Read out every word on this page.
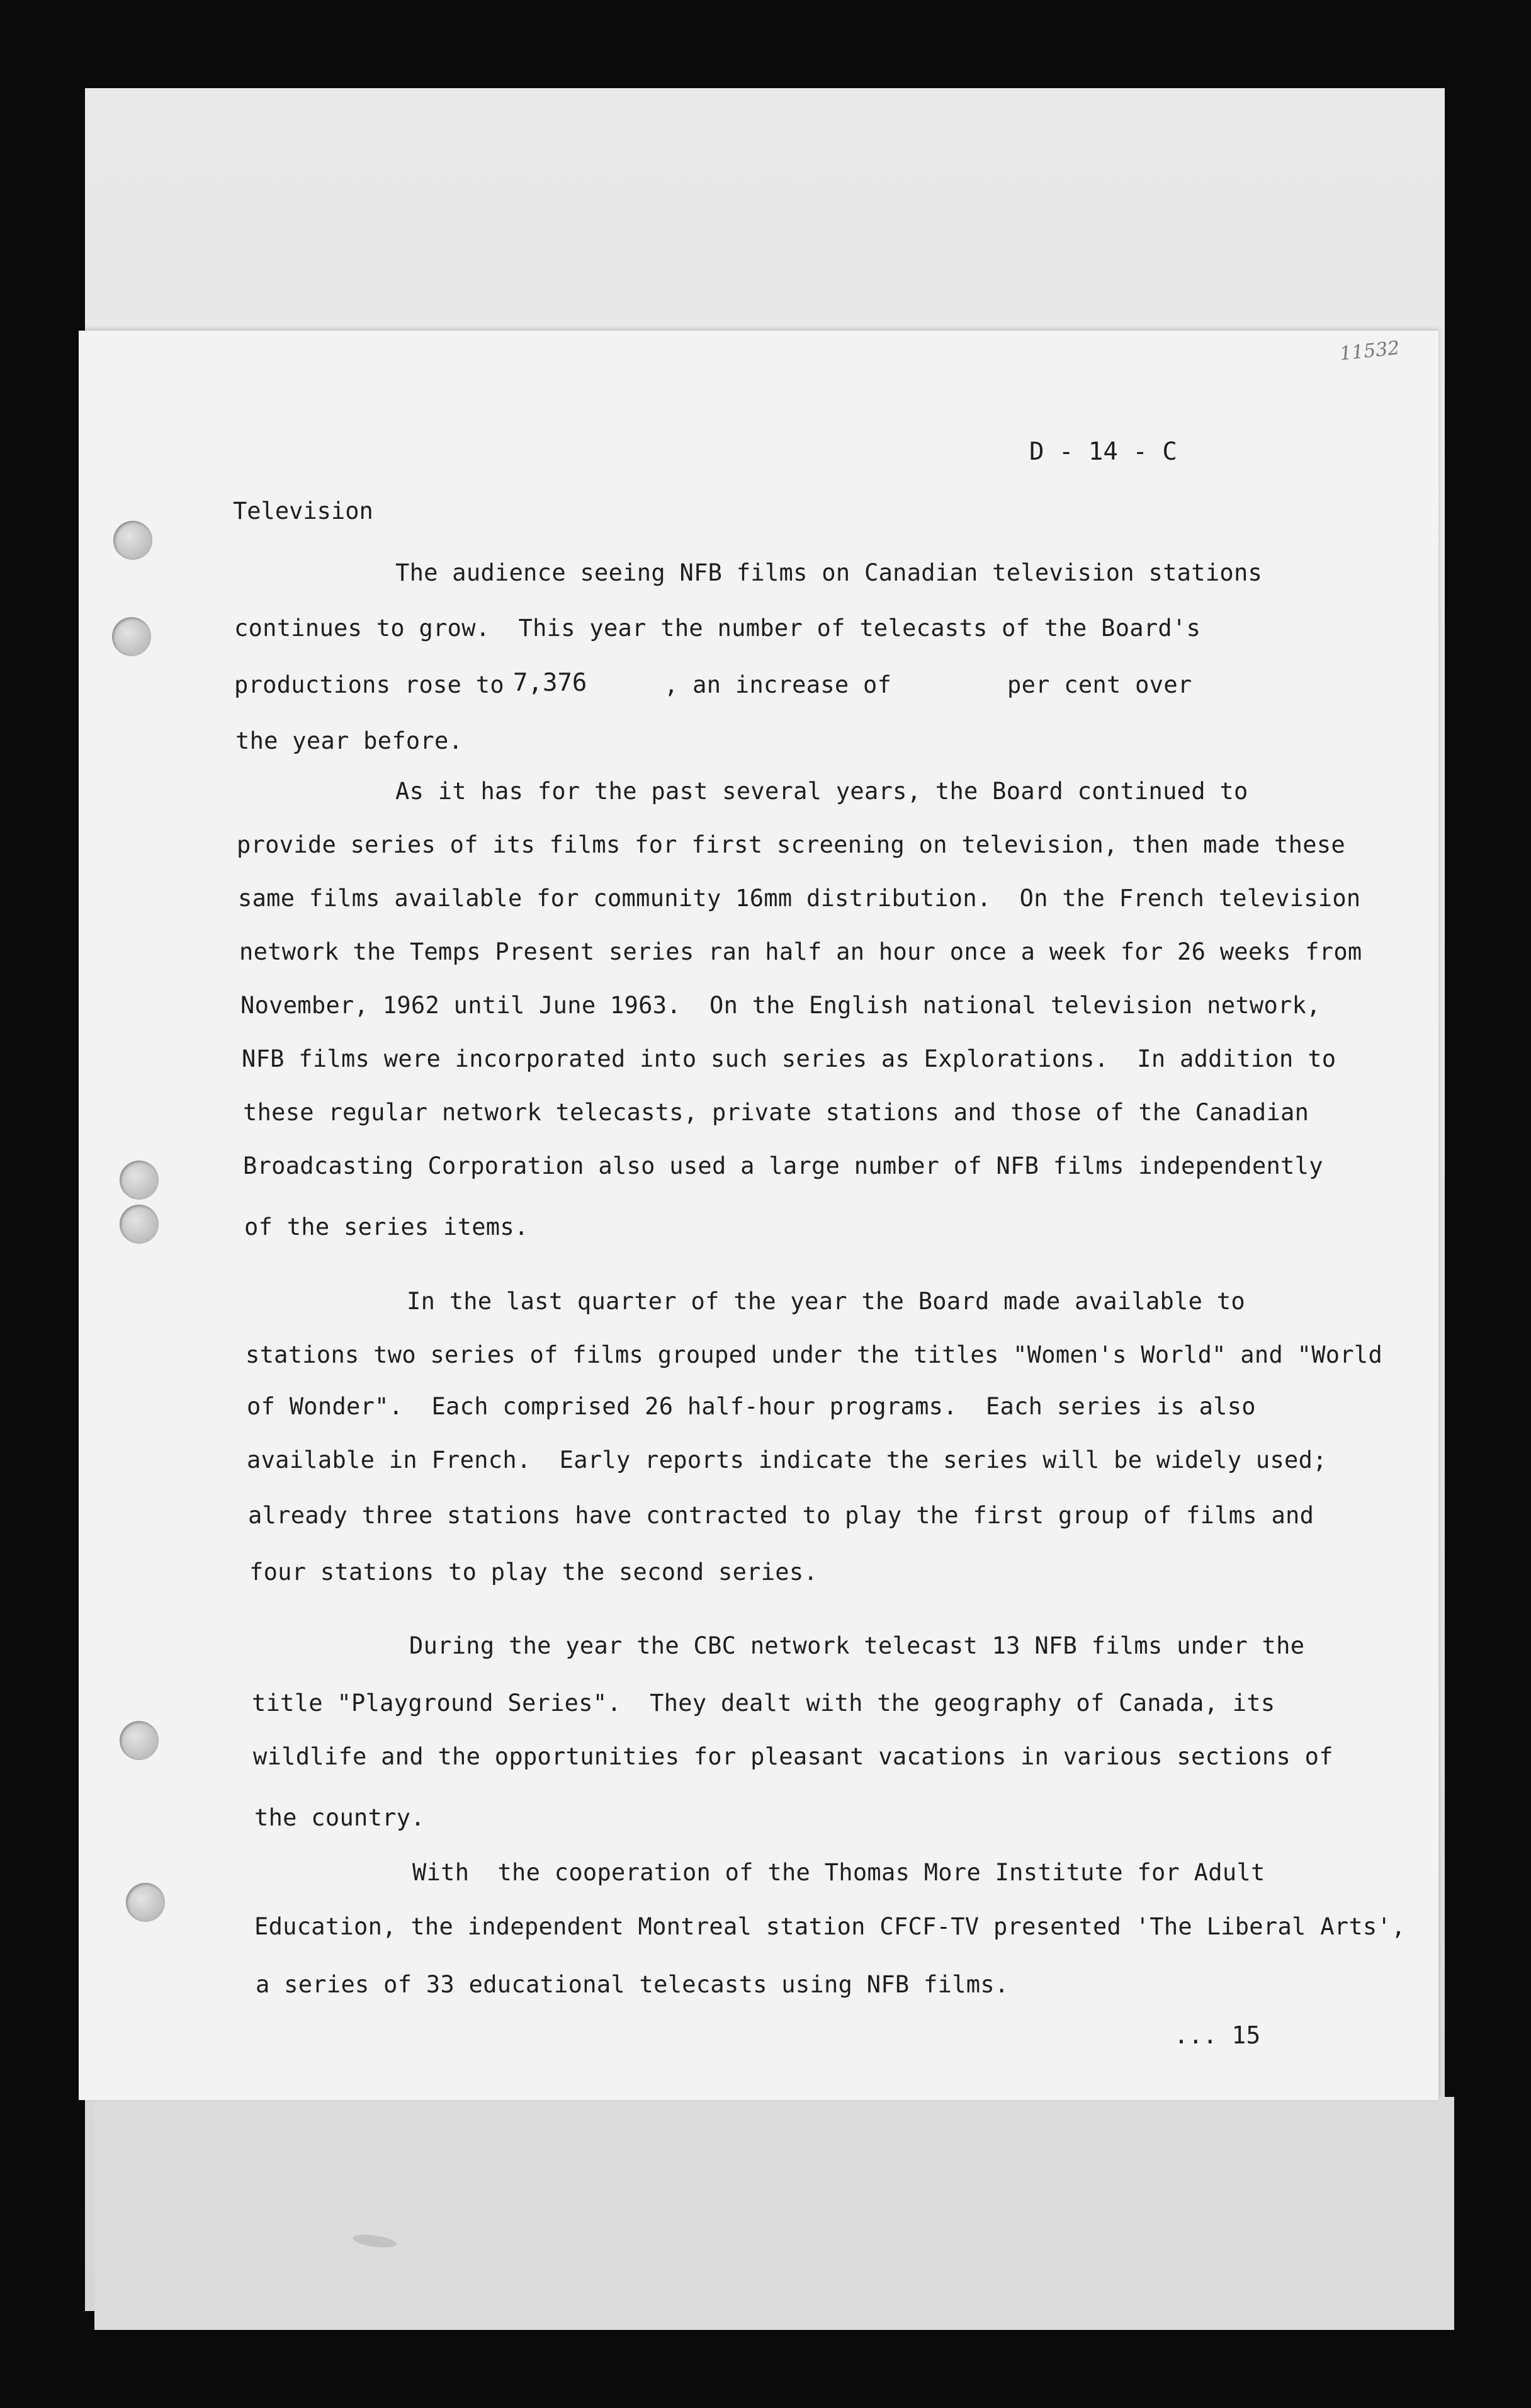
11532
D - 14 - C
Television
The audience seeing NFB films on Canadian television stations
continues to grow.  This year the number of telecasts of the Board's
productions rose to 7,376	, an increase of	per cent over
the year before.
As it has for the past several years, the Board continued to
provide series of its films for first screening on television, then made these
same films available for community 16mm distribution.  On the French television
network the Temps Present series ran half an hour once a week for 26 weeks from
November, 1962 until June 1963.  On the English national television network,
NFB films were incorporated into such series as Explorations.  In addition to
these regular network telecasts, private stations and those of the Canadian
Broadcasting Corporation also used a large number of NFB films independently
of the series items.
In the last quarter of the year the Board made available to
stations two series of films grouped under the titles "Women's World" and "World
of Wonder".  Each comprised 26 half-hour programs.  Each series is also
available in French.  Early reports indicate the series will be widely used;
already three stations have contracted to play the first group of films and
four stations to play the second series.
During the year the CBC network telecast 13 NFB films under the
title "Playground Series".  They dealt with the geography of Canada, its
wildlife and the opportunities for pleasant vacations in various sections of
the country.
With  the cooperation of the Thomas More Institute for Adult
Education, the independent Montreal station CFCF-TV presented 'The Liberal Arts',
a series of 33 educational telecasts using NFB films.
... 15
